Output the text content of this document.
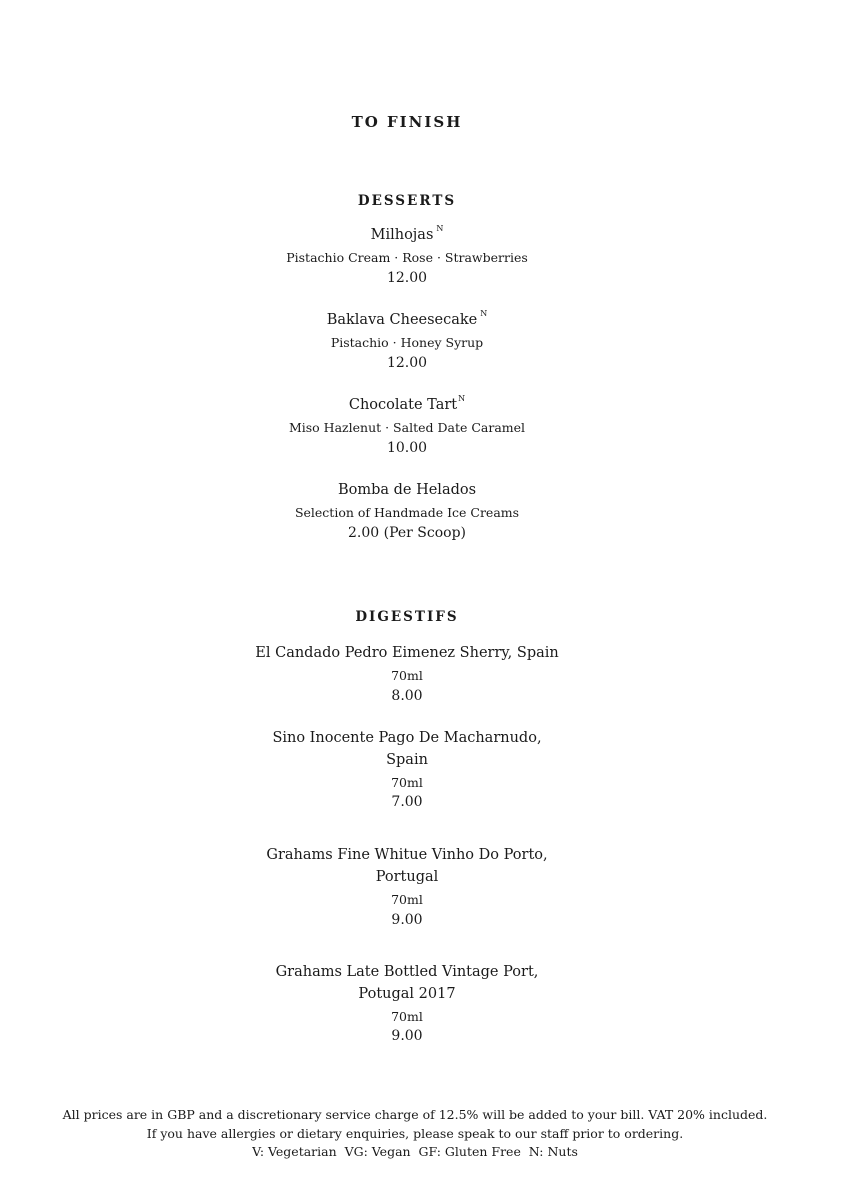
TO FINISH
DESSERTS
Milhojas $^N$
Pistachio Cream · Rose · Strawberries
12.00
Baklava Cheesecake $^N$
Pistachio · Honey Syrup
12.00
Chocolate Tart$^N$
Miso Hazlenut · Salted Date Caramel
10.00
Bomba de Helados
Selection of Handmade Ice Creams
2.00 (Per Scoop)
DIGESTIFS
El Candado Pedro Eimenez Sherry, Spain
70ml
8.00
Sino Inocente Pago De Macharnudo,
Spain
70ml
7.00
Grahams Fine Whitue Vinho Do Porto,
Portugal
70ml
9.00
Grahams Late Bottled Vintage Port,
Potugal 2017
70ml
9.00
All prices are in GBP and a discretionary service charge of 12.5% will be added to your bill. VAT 20% included.
If you have allergies or dietary enquiries, please speak to our staff prior to ordering.
V: Vegetarian  VG: Vegan  GF: Gluten Free  N: Nuts
